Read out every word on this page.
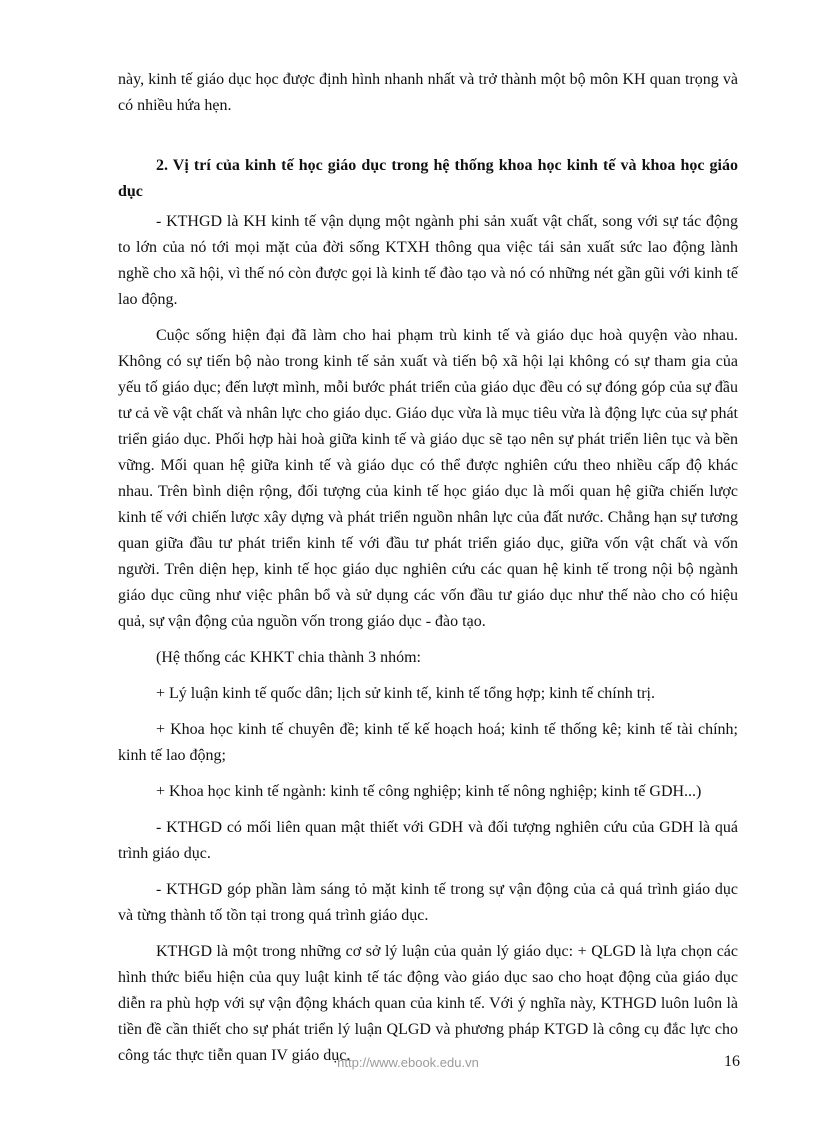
này, kinh tế giáo dục học được định hình nhanh nhất và trở thành một bộ môn KH quan trọng và có nhiều hứa hẹn.

2. Vị trí của kinh tế học giáo dục trong hệ thống khoa học kinh tế và khoa học giáo dục

- KTHGD là KH kinh tế vận dụng một ngành phi sản xuất vật chất, song với sự tác động to lớn của nó tới mọi mặt của đời sống KTXH thông qua việc tái sản xuất sức lao động lành nghề cho xã hội, vì thế nó còn được gọi là kinh tế đào tạo và nó có những nét gần gũi với kinh tế lao động.

Cuộc sống hiện đại đã làm cho hai phạm trù kinh tế và giáo dục hoà quyện vào nhau. Không có sự tiến bộ nào trong kinh tế sản xuất và tiến bộ xã hội lại không có sự tham gia của yếu tố giáo dục; đến lượt mình, mỗi bước phát triển của giáo dục đều có sự đóng góp của sự đầu tư cả về vật chất và nhân lực cho giáo dục. Giáo dục vừa là mục tiêu vừa là động lực của sự phát triển giáo dục. Phối hợp hài hoà giữa kinh tế và giáo dục sẽ tạo nên sự phát triển liên tục và bền vững. Mối quan hệ giữa kinh tế và giáo dục có thể được nghiên cứu theo nhiều cấp độ khác nhau. Trên bình diện rộng, đối tượng của kinh tế học giáo dục là mối quan hệ giữa chiến lược kinh tế với chiến lược xây dựng và phát triển nguồn nhân lực của đất nước. Chẳng hạn sự tương quan giữa đầu tư phát triển kinh tế với đầu tư phát triển giáo dục, giữa vốn vật chất và vốn người. Trên diện hẹp, kinh tế học giáo dục nghiên cứu các quan hệ kinh tế trong nội bộ ngành giáo dục cũng như việc phân bổ và sử dụng các vốn đầu tư giáo dục như thế nào cho có hiệu quả, sự vận động của nguồn vốn trong giáo dục - đào tạo.

(Hệ thống các KHKT chia thành 3 nhóm:

+ Lý luận kinh tế quốc dân; lịch sử kinh tế, kinh tế tổng hợp; kinh tế chính trị.

+ Khoa học kinh tế chuyên đề; kinh tế kế hoạch hoá; kinh tế thống kê; kinh tế tài chính; kinh tế lao động;

+ Khoa học kinh tế ngành: kinh tế công nghiệp; kinh tế nông nghiệp; kinh tế GDH...)

- KTHGD có mối liên quan mật thiết với GDH và đối tượng nghiên cứu của GDH là quá trình giáo dục.

- KTHGD góp phần làm sáng tỏ mặt kinh tế trong sự vận động của cả quá trình giáo dục và từng thành tố tồn tại trong quá trình giáo dục.

KTHGD là một trong những cơ sở lý luận của quản lý giáo dục: + QLGD là lựa chọn các hình thức biểu hiện của quy luật kinh tế tác động vào giáo dục sao cho hoạt động của giáo dục diễn ra phù hợp với sự vận động khách quan của kinh tế. Với ý nghĩa này, KTHGD luôn luôn là tiền đề cần thiết cho sự phát triển lý luận QLGD và phương pháp KTGD là công cụ đắc lực cho công tác thực tiễn quan IV giáo dục.

http://www.ebook.edu.vn	16
